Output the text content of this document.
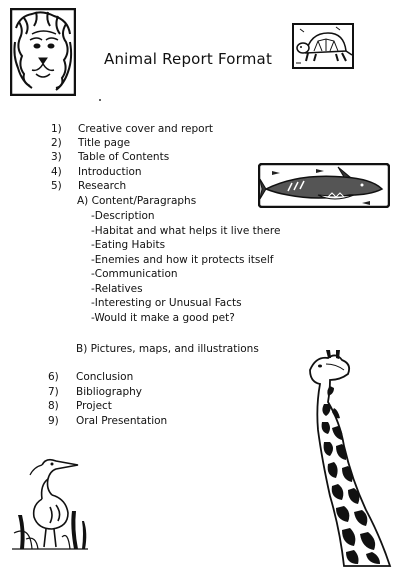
Animal Report Format
1) Creative cover and report
2) Title page
3) Table of Contents
4) Introduction
5) Research
A) Content/Paragraphs
-Description
-Habitat and what helps it live there
-Eating Habits
-Enemies and how it protects itself
-Communication
-Relatives
-Interesting or Unusual Facts
-Would it make a good pet?
B) Pictures, maps, and illustrations
6) Conclusion
7) Bibliography
8) Project
9) Oral Presentation
